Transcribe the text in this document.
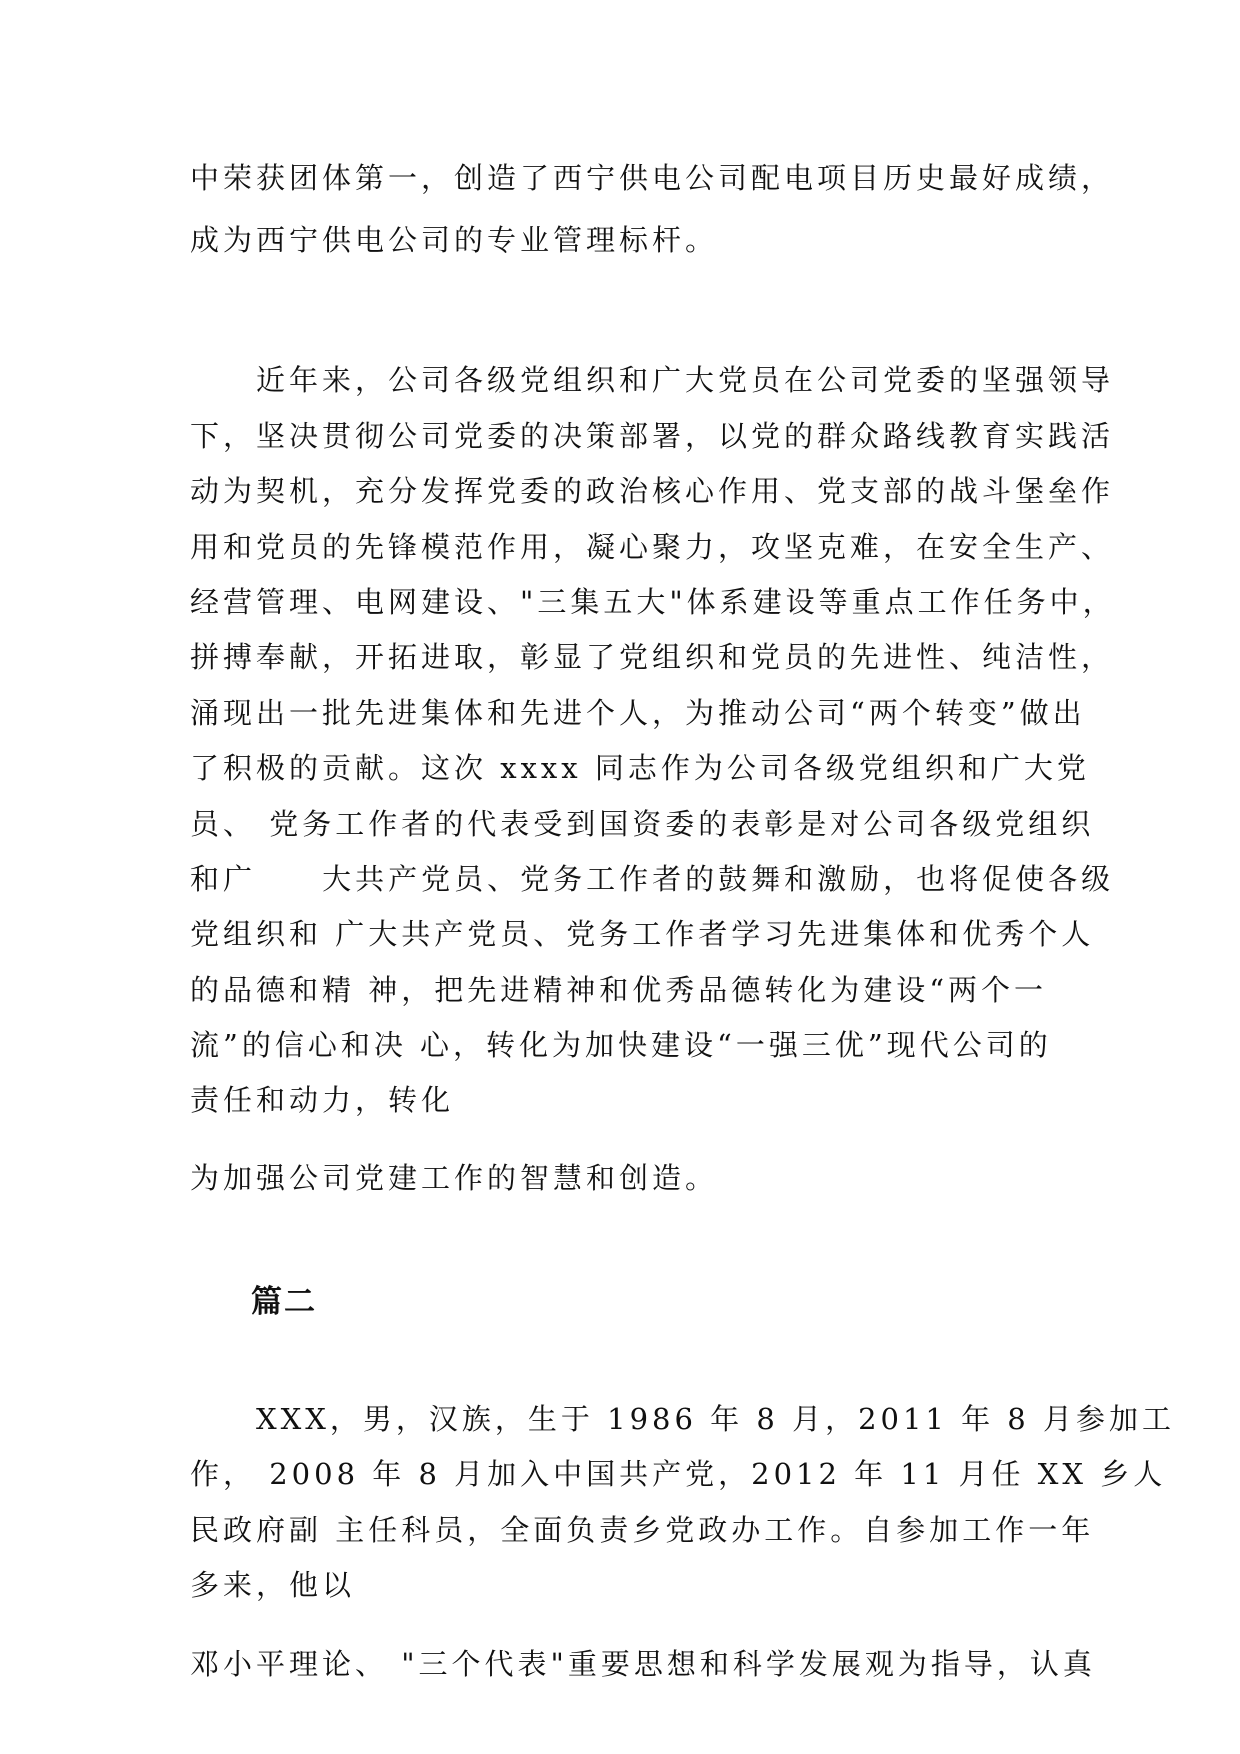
中荣获团体第一，创造了西宁供电公司配电项目历史最好成绩，
成为西宁供电公司的专业管理标杆。
　　近年来，公司各级党组织和广大党员在公司党委的坚强领导
下，坚决贯彻公司党委的决策部署，以党的群众路线教育实践活
动为契机，充分发挥党委的政治核心作用、党支部的战斗堡垒作
用和党员的先锋模范作用，凝心聚力，攻坚克难，在安全生产、
经营管理、电网建设、"三集五大"体系建设等重点工作任务中，
拼搏奉献，开拓进取，彰显了党组织和党员的先进性、纯洁性，
涌现出一批先进集体和先进个人，为推动公司“两个转变”做出
了积极的贡献。这次 xxxx 同志作为公司各级党组织和广大党
员、 党务工作者的代表受到国资委的表彰是对公司各级党组织
和广     大共产党员、党务工作者的鼓舞和激励，也将促使各级
党组织和 广大共产党员、党务工作者学习先进集体和优秀个人
的品德和精 神，把先进精神和优秀品德转化为建设“两个一
流”的信心和决 心，转化为加快建设“一强三优”现代公司的
责任和动力，转化
为加强公司党建工作的智慧和创造。
篇二
　　XXX，男，汉族，生于 1986 年 8 月，2011 年 8 月参加工
作， 2008 年 8 月加入中国共产党，2012 年 11 月任 XX 乡人
民政府副 主任科员，全面负责乡党政办工作。自参加工作一年
多来，他以
邓小平理论、 "三个代表"重要思想和科学发展观为指导，认真
